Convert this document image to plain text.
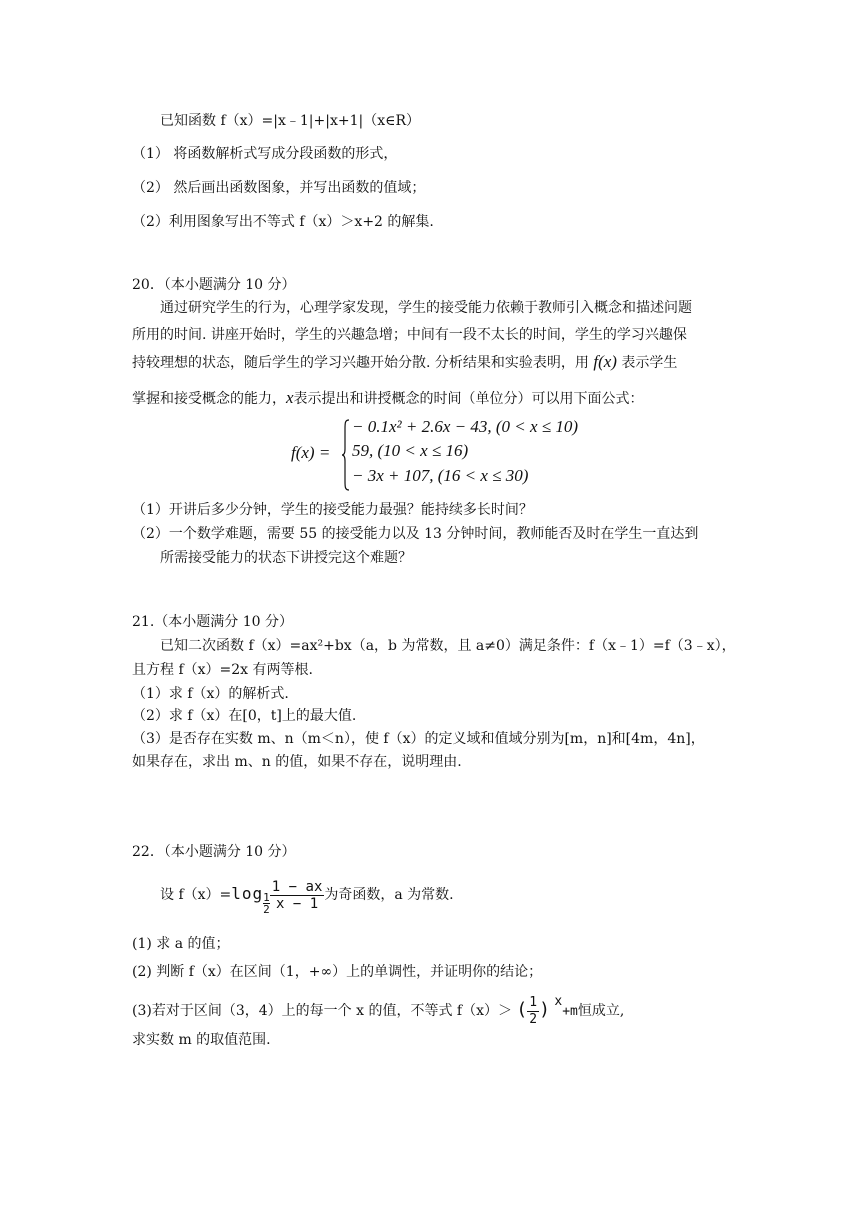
已知函数 f（x）=|x﹣1|+|x+1|（x∈R）
（1） 将函数解析式写成分段函数的形式，
（2） 然后画出函数图象，并写出函数的值域；
（2）利用图象写出不等式 f（x）＞x+2 的解集.
20．（本小题满分 10 分）
通过研究学生的行为，心理学家发现，学生的接受能力依赖于教师引入概念和描述问题
所用的时间. 讲座开始时，学生的兴趣急增；中间有一段不太长的时间，学生的学习兴趣保
持较理想的状态，随后学生的学习兴趣开始分散. 分析结果和实验表明，用 f(x) 表示学生
掌握和接受概念的能力，x表示提出和讲授概念的时间（单位分）可以用下面公式：
f(x) =
− 0.1x² + 2.6x − 43, (0 < x ≤ 10)
59, (10 < x ≤ 16)
− 3x + 107, (16 < x ≤ 30)
（1）开讲后多少分钟，学生的接受能力最强？能持续多长时间？
（2）一个数学难题，需要 55 的接受能力以及 13 分钟时间，教师能否及时在学生一直达到
所需接受能力的状态下讲授完这个难题？
21.（本小题满分 10 分）
已知二次函数 f（x）=ax²+bx（a，b 为常数，且 a≠0）满足条件：f（x﹣1）=f（3﹣x），
且方程 f（x）=2x 有两等根.
（1）求 f（x）的解析式.
（2）求 f（x）在[0，t]上的最大值.
（3）是否存在实数 m、n（m＜n），使 f（x）的定义域和值域分别为[m，n]和[4m，4n]，
如果存在，求出 m、n 的值，如果不存在，说明理由.
22．（本小题满分 10 分）
设 $f(x)=\log \frac{1}{2} \frac{1 - ax}{x - 1}$ 为奇函数，a 为常数.
(1) 求 a 的值；
(2) 判断 f（x）在区间（1，+∞）上的单调性，并证明你的结论；
(3)若对于区间（3，4）上的每一个 x 的值，不等式 f（x）＞ ( $\frac{1}{2}$ ) x+m恒成立,
求实数 m 的取值范围.
